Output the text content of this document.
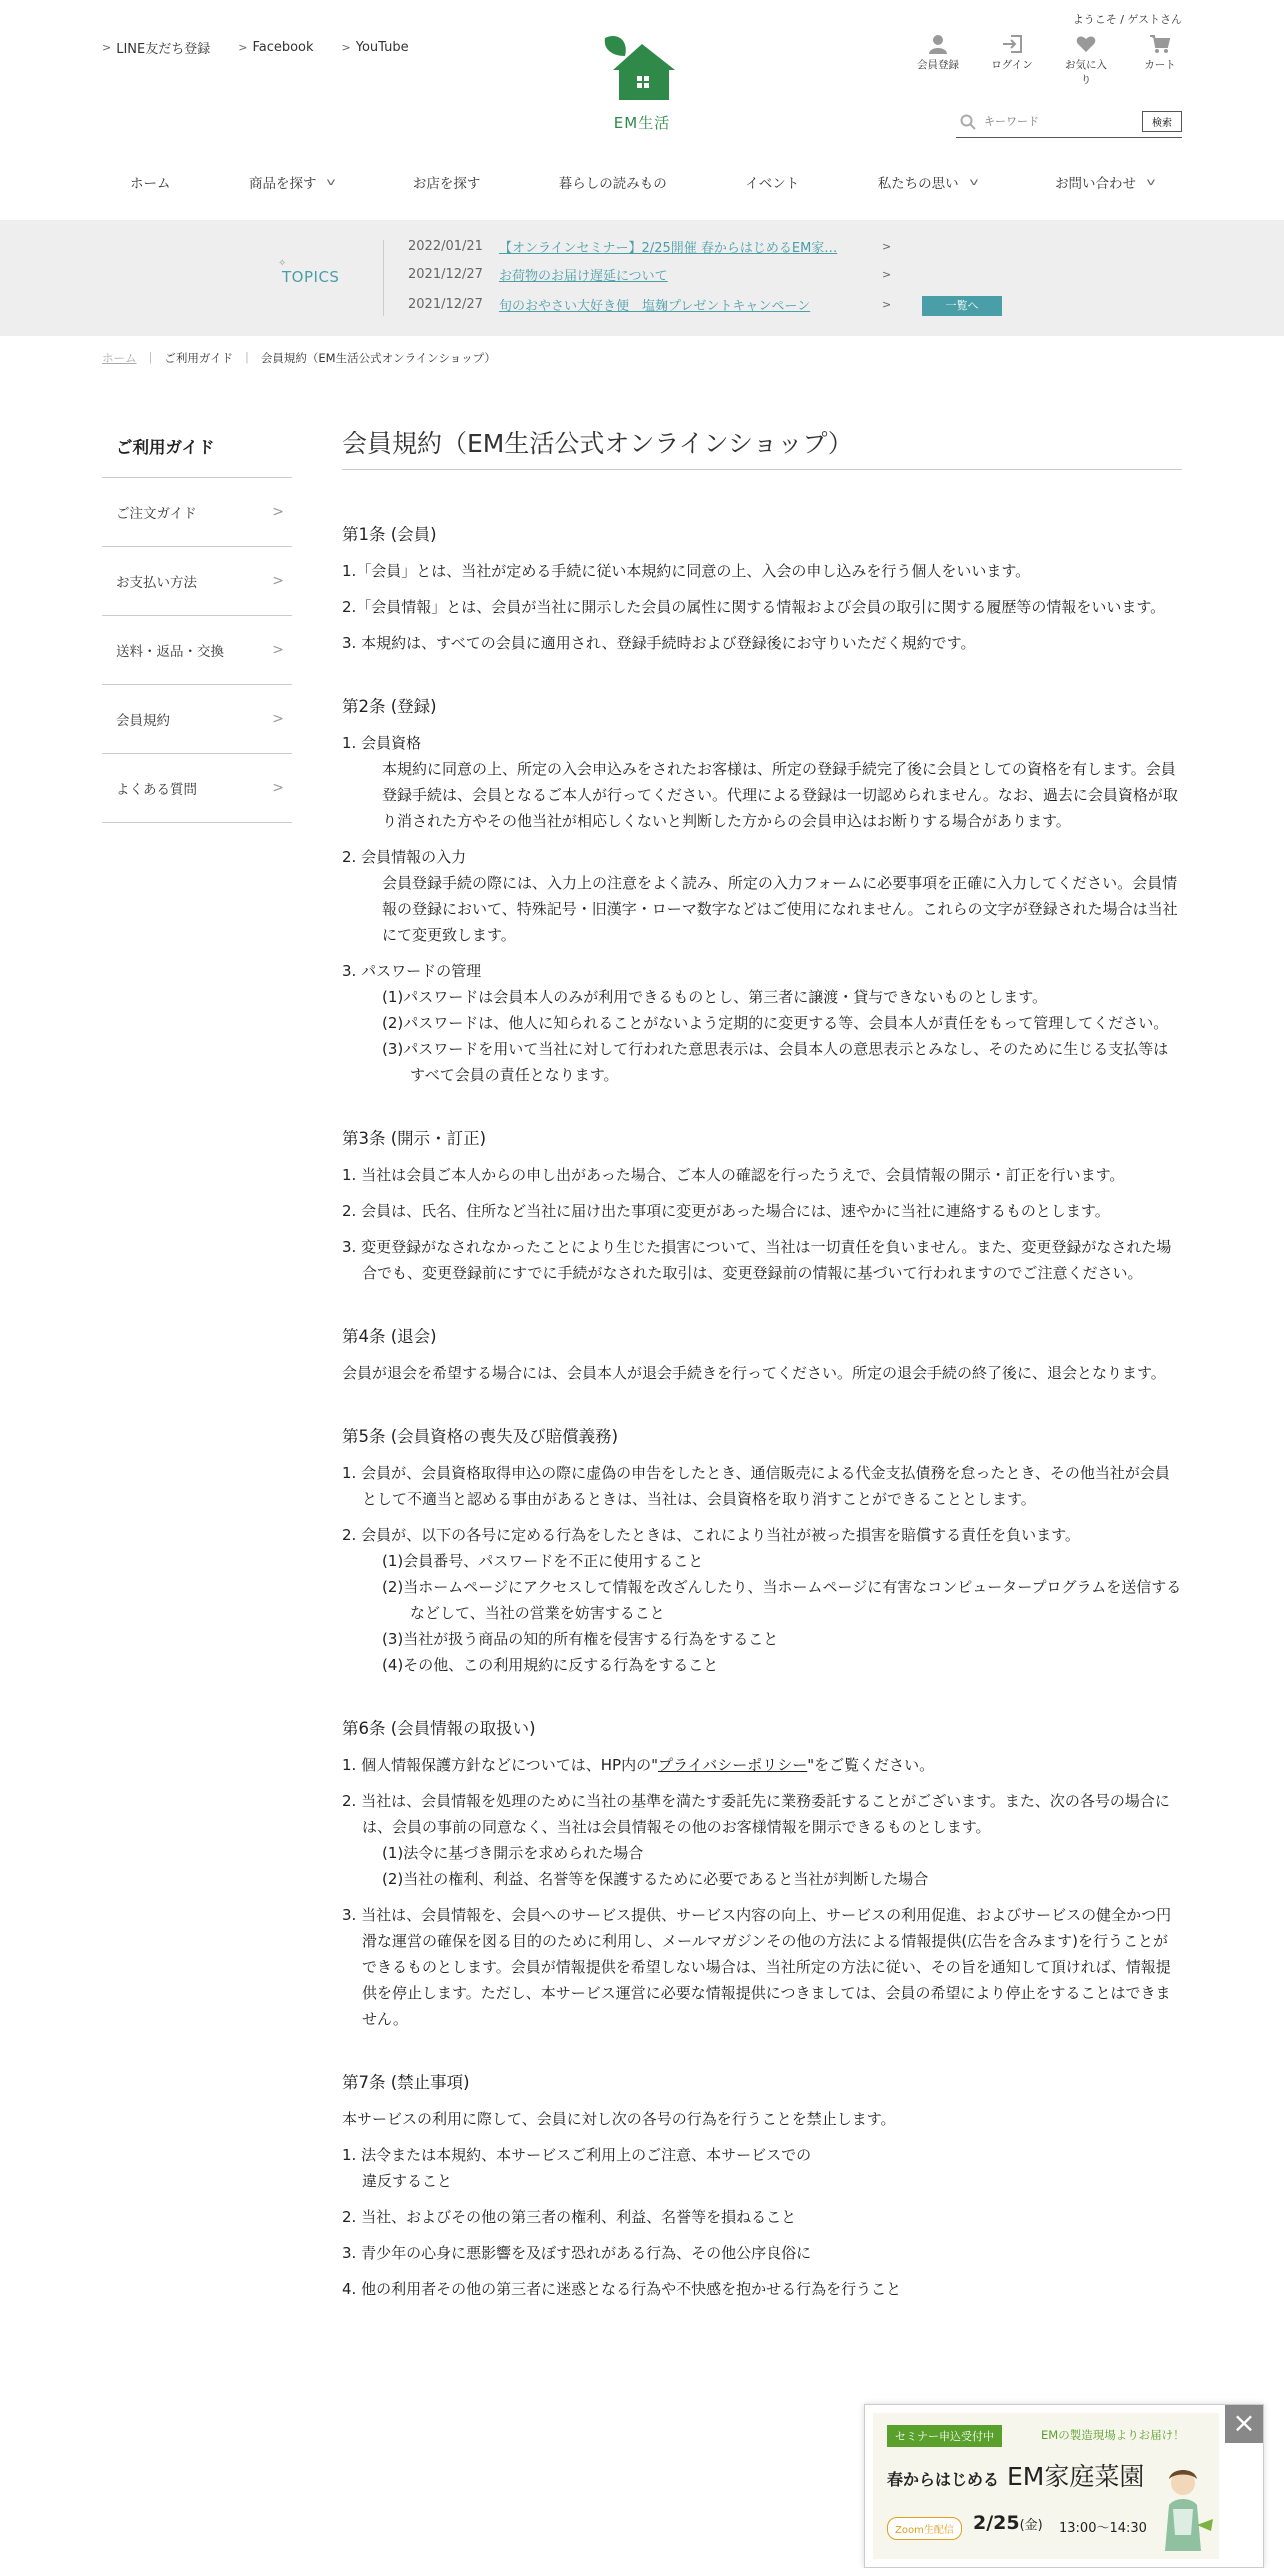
> LINE友だち登録	> Facebook	> YouTube
EM生活
ようこそ / ゲストさん
会員登録	ログイン	お気に入り
カート
キーワード
検索
ホーム	商品を探す v	お店を探す	暮らしの読みもの	イベント	私たちの思い v	お問い合わせ v
✧
TOPICS
2022/01/21 【オンラインセミナー】2/25開催 春からはじめるEM家…	>
2021/12/27 お荷物のお届け遅延について	>
2021/12/27 旬のおやさい大好き便　塩麹プレゼントキャンペーン	>	一覧へ
ホーム | ご利用ガイド | 会員規約（EM生活公式オンラインショップ）
ご利用ガイド
ご注文ガイド	>
お支払い方法	>
送料・返品・交換	>
会員規約	>
よくある質問	>
会員規約（EM生活公式オンラインショップ）
第1条 (会員)
1.「会員」とは、当社が定める手続に従い本規約に同意の上、入会の申し込みを行う個人をいいます。
2.「会員情報」とは、会員が当社に開示した会員の属性に関する情報および会員の取引に関する履歴等の情報をいいます。
3. 本規約は、すべての会員に適用され、登録手続時および登録後にお守りいただく規約です。
第2条 (登録)
1. 会員資格
本規約に同意の上、所定の入会申込みをされたお客様は、所定の登録手続完了後に会員としての資格を有します。会員登録手続は、会員となるご本人が行ってください。代理による登録は一切認められません。なお、過去に会員資格が取り消された方やその他当社が相応しくないと判断した方からの会員申込はお断りする場合があります。
2. 会員情報の入力
会員登録手続の際には、入力上の注意をよく読み、所定の入力フォームに必要事項を正確に入力してください。会員情報の登録において、特殊記号・旧漢字・ローマ数字などはご使用になれません。これらの文字が登録された場合は当社にて変更致します。
3. パスワードの管理
(1)パスワードは会員本人のみが利用できるものとし、第三者に譲渡・貸与できないものとします。
(2)パスワードは、他人に知られることがないよう定期的に変更する等、会員本人が責任をもって管理してください。
(3)パスワードを用いて当社に対して行われた意思表示は、会員本人の意思表示とみなし、そのために生じる支払等はすべて会員の責任となります。
第3条 (開示・訂正)
1. 当社は会員ご本人からの申し出があった場合、ご本人の確認を行ったうえで、会員情報の開示・訂正を行います。
2. 会員は、氏名、住所など当社に届け出た事項に変更があった場合には、速やかに当社に連絡するものとします。
3. 変更登録がなされなかったことにより生じた損害について、当社は一切責任を負いません。また、変更登録がなされた場合でも、変更登録前にすでに手続がなされた取引は、変更登録前の情報に基づいて行われますのでご注意ください。
第4条 (退会)

会員が退会を希望する場合には、会員本人が退会手続きを行ってください。所定の退会手続の終了後に、退会となります。

第5条 (会員資格の喪失及び賠償義務)
1. 会員が、会員資格取得申込の際に虚偽の申告をしたとき、通信販売による代金支払債務を怠ったとき、その他当社が会員として不適当と認める事由があるときは、当社は、会員資格を取り消すことができることとします。
2. 会員が、以下の各号に定める行為をしたときは、これにより当社が被った損害を賠償する責任を負います。
(1)会員番号、パスワードを不正に使用すること
(2)当ホームページにアクセスして情報を改ざんしたり、当ホームページに有害なコンピュータープログラムを送信するなどして、当社の営業を妨害すること
(3)当社が扱う商品の知的所有権を侵害する行為をすること
(4)その他、この利用規約に反する行為をすること
第6条 (会員情報の取扱い)
1. 個人情報保護方針などについては、HP内の"プライバシーポリシー"をご覧ください。
2. 当社は、会員情報を処理のために当社の基準を満たす委託先に業務委託することがございます。また、次の各号の場合には、会員の事前の同意なく、当社は会員情報その他のお客様情報を開示できるものとします。
(1)法令に基づき開示を求められた場合
(2)当社の権利、利益、名誉等を保護するために必要であると当社が判断した場合
3. 当社は、会員情報を、会員へのサービス提供、サービス内容の向上、サービスの利用促進、およびサービスの健全かつ円滑な運営の確保を図る目的のために利用し、メールマガジンその他の方法による情報提供(広告を含みます)を行うことができるものとします。会員が情報提供を希望しない場合は、当社所定の方法に従い、その旨を通知して頂ければ、情報提供を停止します。ただし、本サービス運営に必要な情報提供につきましては、会員の希望により停止をすることはできません。
第7条 (禁止事項)

本サービスの利用に際して、会員に対し次の各号の行為を行うことを禁止します。

1. 法令または本規約、本サービスご利用上のご注意、本サービスでの
違反すること
2. 当社、およびその他の第三者の権利、利益、名誉等を損ねること
3. 青少年の心身に悪影響を及ぼす恐れがある行為、その他公序良俗に
4. 他の利用者その他の第三者に迷惑となる行為や不快感を抱かせる行為を行うこと
セミナー申込受付中	EMの製造現場よりお届け！
春からはじめる EM家庭菜園
Zoom生配信	2/25(金) 13:00〜14:30
×
